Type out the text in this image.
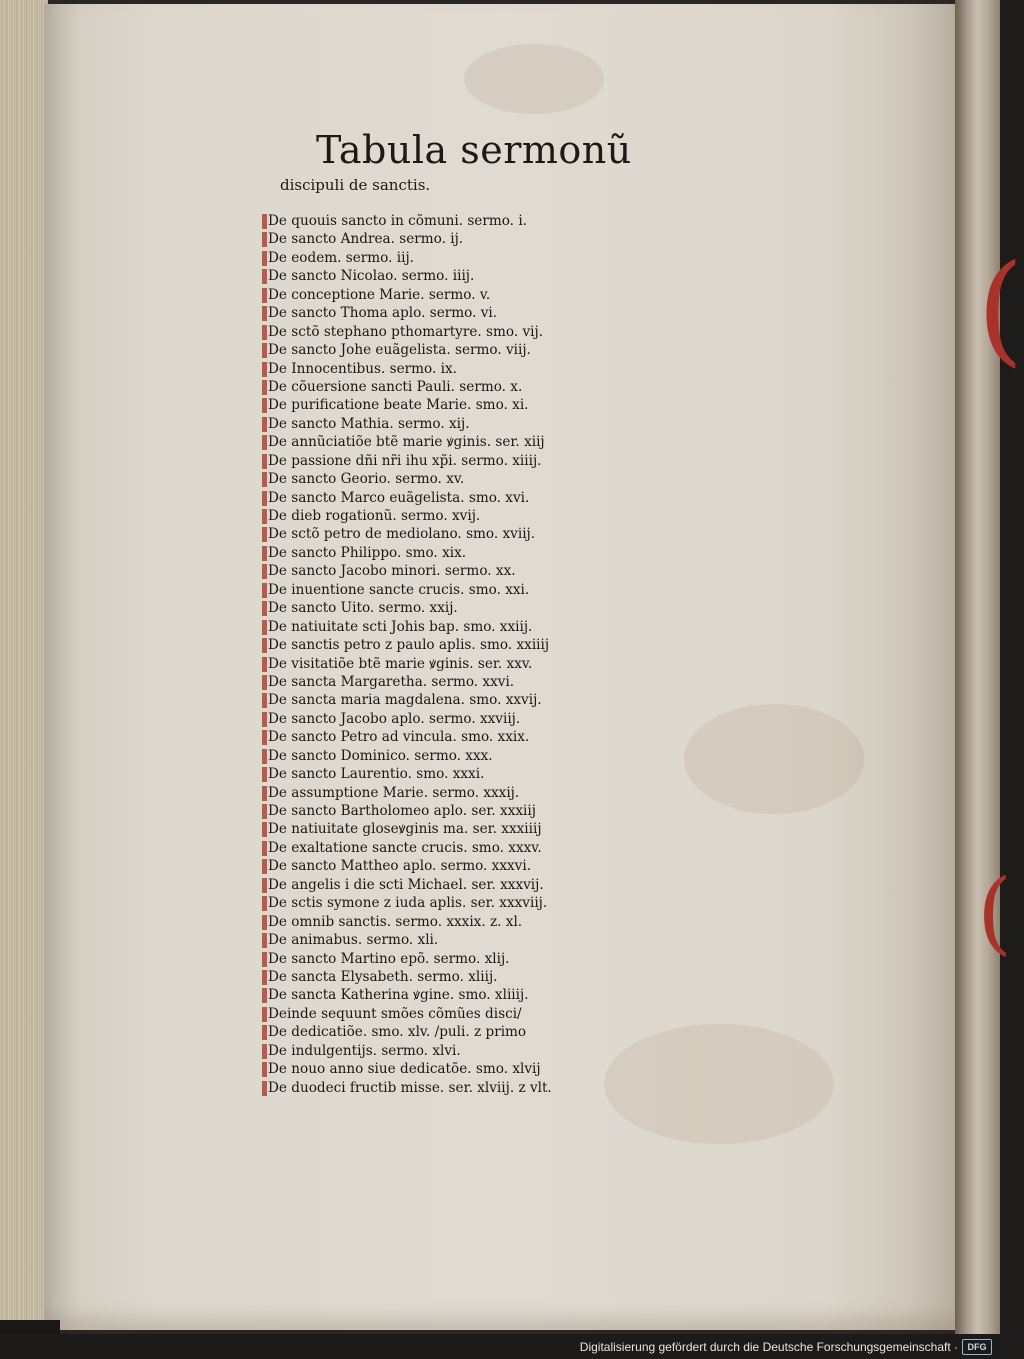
(
(
Tabula sermonũ
discipuli de sanctis.
De quouis sancto in cõmuni. sermo. i.
De sancto Andrea. sermo. ij.
De eodem. sermo. iij.
De sancto Nicolao. sermo. iiij.
De conceptione Marie. sermo. v.
De sancto Thoma aplo. sermo. vi.
De sctõ stephano pthomartyre. smo. vij.
De sancto Johe euãgelista. sermo. viij.
De Innocentibus. sermo. ix.
De cõuersione sancti Pauli. sermo. x.
De purificatione beate Marie. smo. xi.
De sancto Mathia. sermo. xij.
De annũciatiõe btẽ marie ꝟginis. ser. xiij
De passione dñi nr̃i ihu xp̃i. sermo. xiiij.
De sancto Georio. sermo. xv.
De sancto Marco euãgelista. smo. xvi.
De dieb rogationũ. sermo. xvij.
De sctõ petro de mediolano. smo. xviij.
De sancto Philippo. smo. xix.
De sancto Jacobo minori. sermo. xx.
De inuentione sancte crucis. smo. xxi.
De sancto Uito. sermo. xxij.
De natiuitate scti Johis bap. smo. xxiij.
De sanctis petro z paulo aplis. smo. xxiiij
De visitatiõe btẽ marie ꝟginis. ser. xxv.
De sancta Margaretha. sermo. xxvi.
De sancta maria magdalena. smo. xxvij.
De sancto Jacobo aplo. sermo. xxviij.
De sancto Petro ad vincula. smo. xxix.
De sancto Dominico. sermo. xxx.
De sancto Laurentio. smo. xxxi.
De assumptione Marie. sermo. xxxij.
De sancto Bartholomeo aplo. ser. xxxiij
De natiuitate gloseꝟginis ma. ser. xxxiiij
De exaltatione sancte crucis. smo. xxxv.
De sancto Mattheo aplo. sermo. xxxvi.
De angelis i die scti Michael. ser. xxxvij.
De sctis symone z iuda aplis. ser. xxxviij.
De omnib sanctis. sermo. xxxix. z. xl.
De animabus. sermo. xli.
De sancto Martino epõ. sermo. xlij.
De sancta Elysabeth. sermo. xliij.
De sancta Katherina ꝟgine. smo. xliiij.
Deinde sequunt smões cõmũes disci/
De dedicatiõe. smo. xlv. /puli. z primo
De indulgentijs. sermo. xlvi.
De nouo anno siue dedicatõe. smo. xlvij
De duodeci fructib misse. ser. xlviij. z vlt.
Digitalisierung gefördert durch die Deutsche Forschungsgemeinschaft ·	DFG
